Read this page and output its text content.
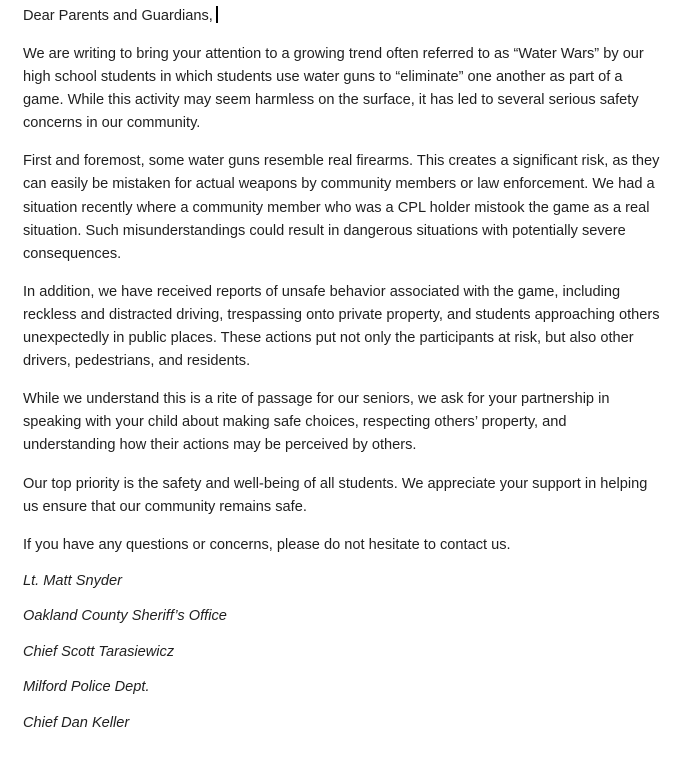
Dear Parents and Guardians,

We are writing to bring your attention to a growing trend often referred to as “Water Wars” by our high school students in which students use water guns to “eliminate” one another as part of a game. While this activity may seem harmless on the surface, it has led to several serious safety concerns in our community.

First and foremost, some water guns resemble real firearms. This creates a significant risk, as they can easily be mistaken for actual weapons by community members or law enforcement. We had a situation recently where a community member who was a CPL holder mistook the game as a real situation. Such misunderstandings could result in dangerous situations with potentially severe consequences.

In addition, we have received reports of unsafe behavior associated with the game, including reckless and distracted driving, trespassing onto private property, and students approaching others unexpectedly in public places. These actions put not only the participants at risk, but also other drivers, pedestrians, and residents.

While we understand this is a rite of passage for our seniors, we ask for your partnership in speaking with your child about making safe choices, respecting others’ property, and understanding how their actions may be perceived by others.

Our top priority is the safety and well-being of all students. We appreciate your support in helping us ensure that our community remains safe.

If you have any questions or concerns, please do not hesitate to contact us.

Lt. Matt Snyder

Oakland County Sheriff’s Office

Chief Scott Tarasiewicz

Milford Police Dept.

Chief Dan Keller
